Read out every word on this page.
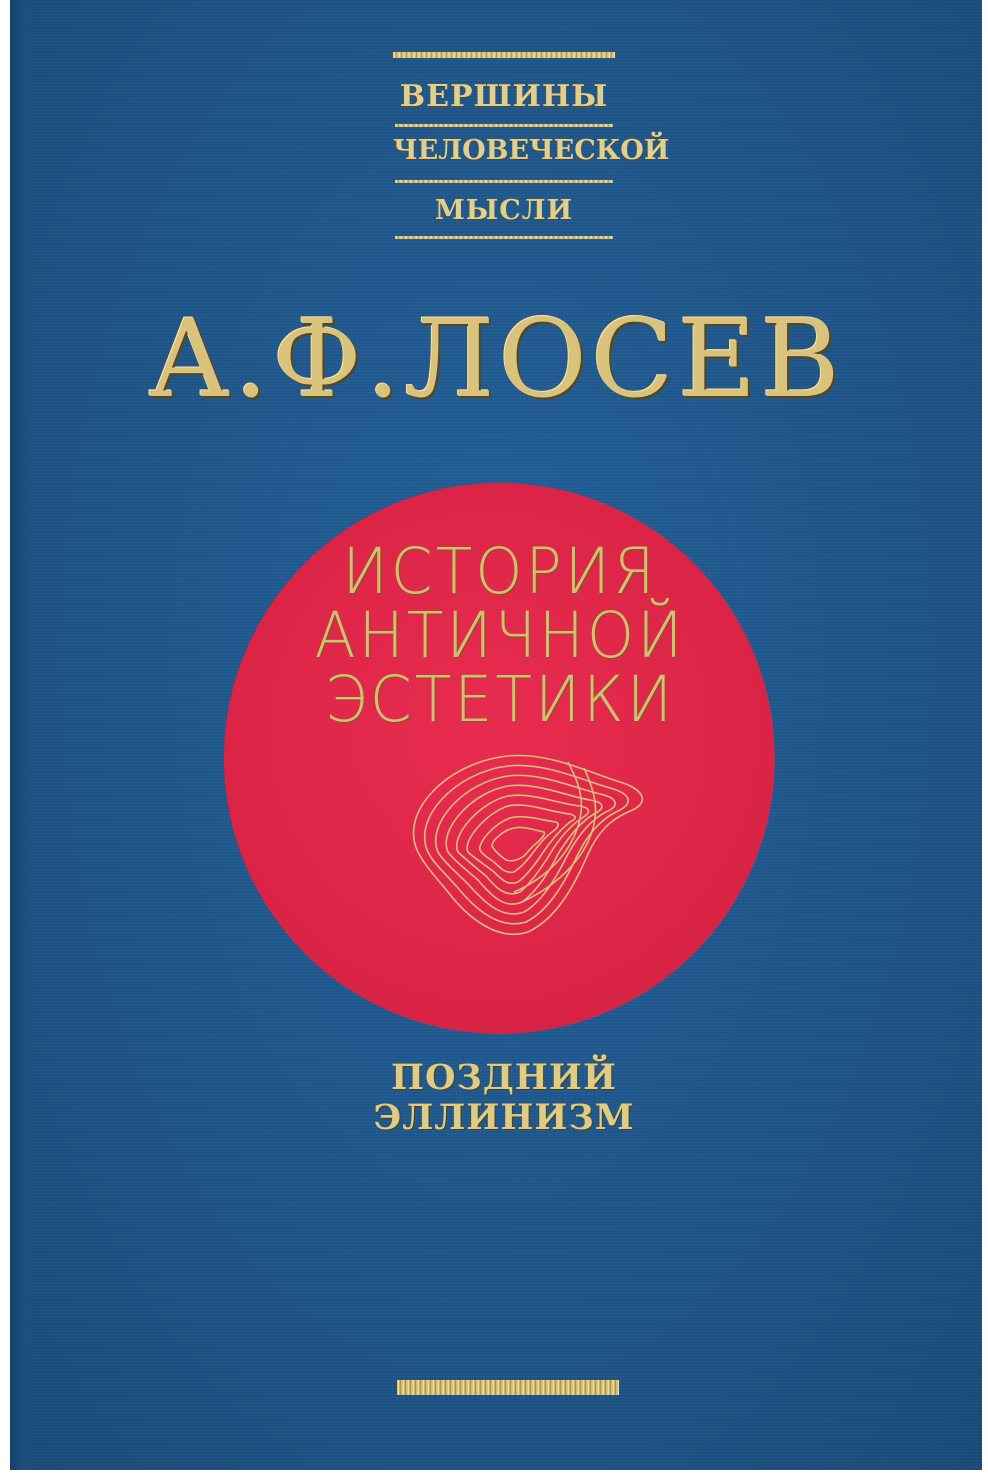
ВЕРШИНЫ
ЧЕЛОВЕЧЕСКОЙ
МЫСЛИ
А.Ф.ЛОСЕВ
ИСТОРИЯ
АНТИЧНОЙ
ЭСТЕТИКИ
ПОЗДНИЙ
ЭЛЛИНИЗМ
